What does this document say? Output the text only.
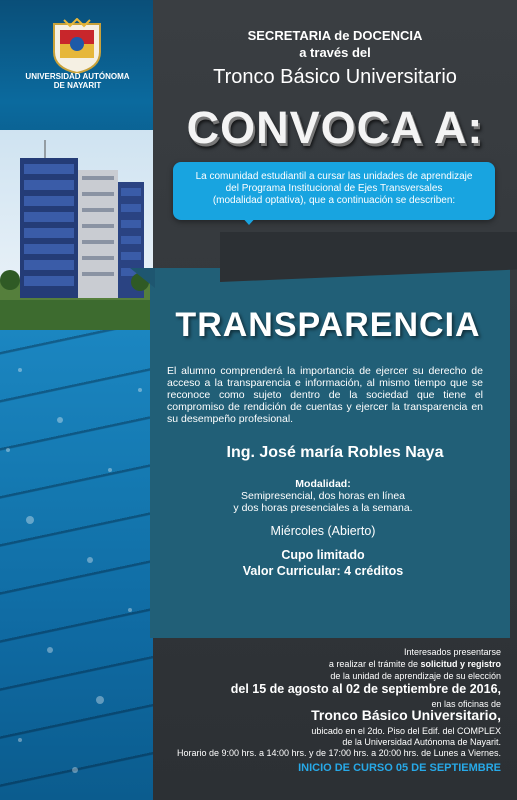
UNIVERSIDAD AUTÓNOMA
DE NAYARIT
SECRETARIA de DOCENCIA
a través del
Tronco Básico Universitario
CONVOCA A:
La comunidad estudiantil a cursar las unidades de aprendizaje
del Programa Institucional de Ejes Transversales
(modalidad optativa), que a continuación se describen:
TRANSPARENCIA
El alumno comprenderá la importancia de ejercer su derecho de acceso a la transparencia e información, al mismo tiempo que se reconoce como sujeto dentro de la sociedad que tiene el compromiso de rendición de cuentas y ejercer la transparencia en su desempeño profesional.
Ing. José maría Robles Naya
Modalidad:
Semipresencial, dos horas en línea
y dos horas presenciales a la semana.
Miércoles (Abierto)
Cupo limitado
Valor Curricular: 4 créditos
Interesados presentarse
a realizar el trámite de solicitud y registro
de la unidad de aprendizaje de su elección
del 15 de agosto al 02 de septiembre de 2016,
en las oficinas de
Tronco Básico Universitario,
ubicado en el 2do. Piso del Edif. del COMPLEX
de la Universidad Autónoma de Nayarit.
Horario de 9:00 hrs. a 14:00 hrs. y de 17:00 hrs. a 20:00 hrs. de Lunes a Viernes.
INICIO DE CURSO 05 DE SEPTIEMBRE
